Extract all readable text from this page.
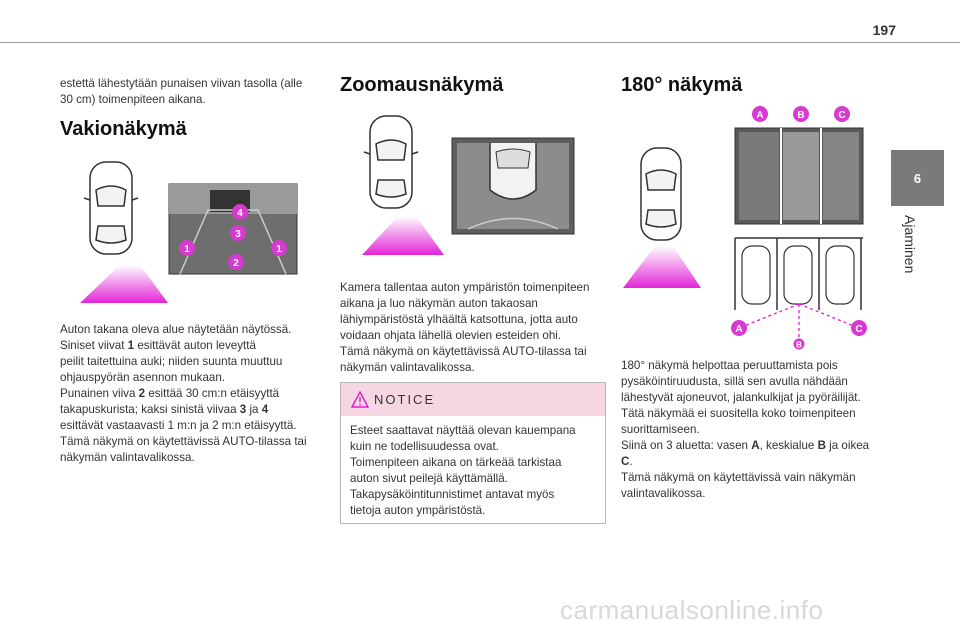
197
6
Ajaminen
estettä lähestytään punaisen viivan tasolla (alle
30 cm) toimenpiteen aikana.
Vakionäkymä
4
3
1	1
2
Auton takana oleva alue näytetään näytössä.
Siniset viivat 1 esittävät auton leveyttä
peilit taitettuina auki; niiden suunta muuttuu
ohjauspyörän asennon mukaan.
Punainen viiva 2 esittää 30 cm:n etäisyyttä
takapuskurista; kaksi sinistä viivaa 3 ja 4
esittävät vastaavasti 1 m:n ja 2 m:n etäisyyttä.
Tämä näkymä on käytettävissä AUTO-tilassa tai
näkymän valintavalikossa.
Zoomausnäkymä
Kamera tallentaa auton ympäristön toimenpiteen
aikana ja luo näkymän auton takaosan
lähiympäristöstä ylhäältä katsottuna, jotta auto
voidaan ohjata lähellä olevien esteiden ohi.
Tämä näkymä on käytettävissä AUTO-tilassa tai
näkymän valintavalikossa.
NOTICE
Esteet saattavat näyttää olevan kauempana
kuin ne todellisuudessa ovat.
Toimenpiteen aikana on tärkeää tarkistaa
auton sivut peilejä käyttämällä.
Takapysäköintitunnistimet antavat myös
tietoja auton ympäristöstä.
180° näkymä
A	B	C
A
B
C
180° näkymä helpottaa peruuttamista pois
pysäköintiruudusta, sillä sen avulla nähdään
lähestyvät ajoneuvot, jalankulkijat ja pyöräilijät.
Tätä näkymää ei suositella koko toimenpiteen
suorittamiseen.
Siinä on 3 aluetta: vasen A, keskialue B ja oikea
C.
Tämä näkymä on käytettävissä vain näkymän
valintavalikossa.
carmanualsonline.info
